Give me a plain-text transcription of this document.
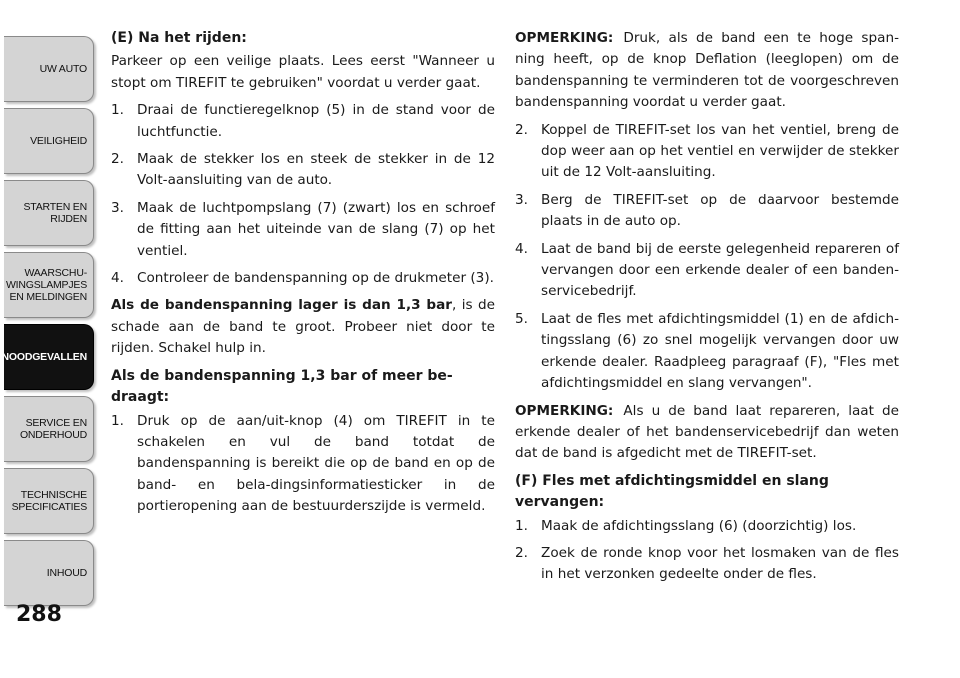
UW AUTO
VEILIGHEID
STARTEN EN
RIJDEN
WAARSCHU-
WINGSLAMPJES
EN MELDINGEN
NOODGEVALLEN
SERVICE EN
ONDERHOUD
TECHNISCHE
SPECIFICATIES
INHOUD
288
(E) Na het rijden:

Parkeer op een veilige plaats. Lees eerst "Wanneer u stopt om TIREFIT te gebruiken" voordat u verder gaat.

1. Draai de functieregelknop (5) in de stand voor de luchtfunctie.
2. Maak de stekker los en steek de stekker in de 12 Volt-aansluiting van de auto.
3. Maak de luchtpompslang (7) (zwart) los en schroef de fitting aan het uiteinde van de slang (7) op het ventiel.
4. Controleer de bandenspanning op de drukmeter (3).

Als de bandenspanning lager is dan 1,3 bar, is de schade aan de band te groot. Probeer niet door te rijden. Schakel hulp in.

Als de bandenspanning 1,3 bar of meer be-draagt:
1. Druk op de aan/uit-knop (4) om TIREFIT in te schakelen en vul de band totdat de bandenspanning is bereikt die op de band en op de band- en bela-dingsinformatiesticker in de portieropening aan de bestuurderszijde is vermeld.

OPMERKING: Druk, als de band een te hoge span-ning heeft, op de knop Deflation (leeglopen) om de bandenspanning te verminderen tot de voorgeschreven bandenspanning voordat u verder gaat.

2. Koppel de TIREFIT-set los van het ventiel, breng de dop weer aan op het ventiel en verwijder de stekker uit de 12 Volt-aansluiting.
3. Berg de TIREFIT-set op de daarvoor bestemde plaats in de auto op.
4. Laat de band bij de eerste gelegenheid repareren of vervangen door een erkende dealer of een banden-servicebedrijf.
5. Laat de fles met afdichtingsmiddel (1) en de afdich-tingsslang (6) zo snel mogelijk vervangen door uw erkende dealer. Raadpleeg paragraaf (F), "Fles met afdichtingsmiddel en slang vervangen".

OPMERKING: Als u de band laat repareren, laat de erkende dealer of het bandenservicebedrijf dan weten dat de band is afgedicht met de TIREFIT-set.

(F) Fles met afdichtingsmiddel en slang vervangen:
1. Maak de afdichtingsslang (6) (doorzichtig) los.
2. Zoek de ronde knop voor het losmaken van de fles in het verzonken gedeelte onder de fles.
